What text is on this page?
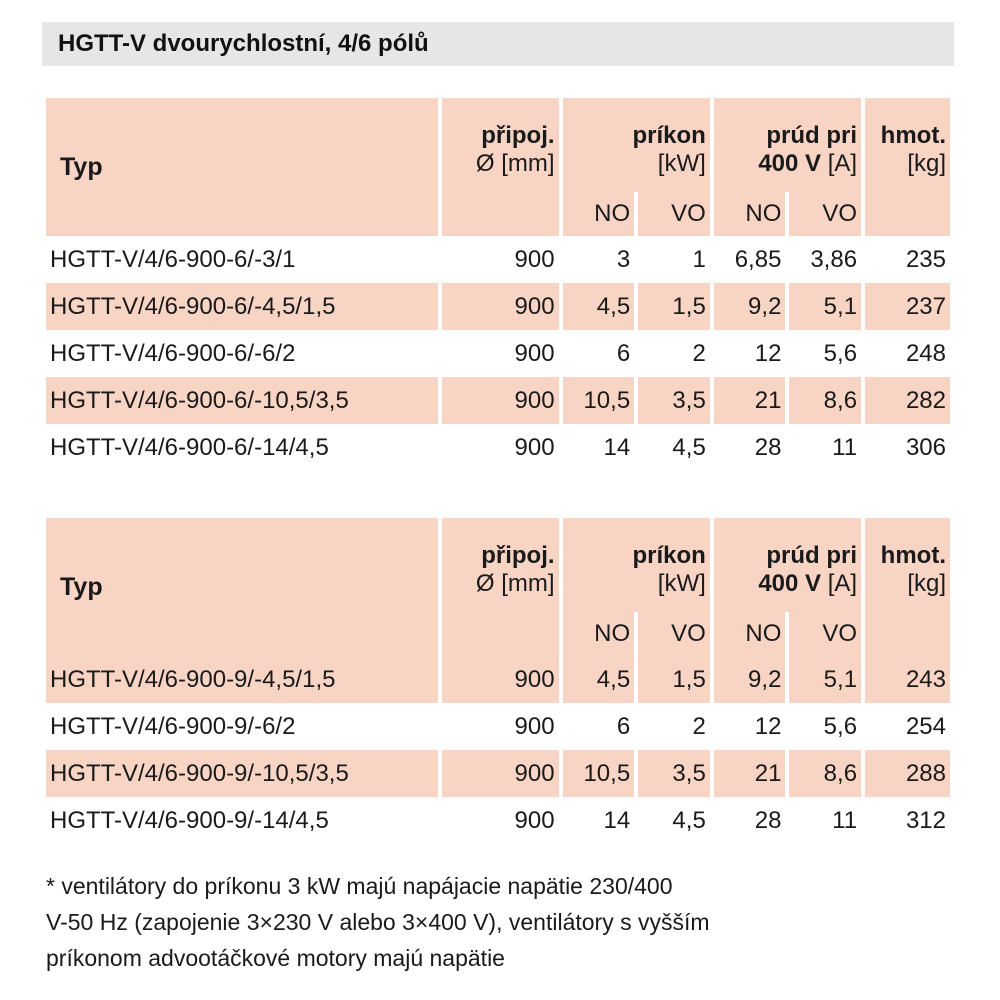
HGTT-V dvourychlostní, 4/6 pólů
Typ	připoj.	príkon		prúd pri		hmot.
	Ø [mm]	[kW]		400 V [A]		[kg]
		NO	VO	NO	VO	
HGTT-V/4/6-900-6/-3/1	900	3	1	6,85	3,86	235
HGTT-V/4/6-900-6/-4,5/1,5	900	4,5	1,5	9,2	5,1	237
HGTT-V/4/6-900-6/-6/2	900	6	2	12	5,6	248
HGTT-V/4/6-900-6/-10,5/3,5	900	10,5	3,5	21	8,6	282
HGTT-V/4/6-900-6/-14/4,5	900	14	4,5	28	11	306
Typ	připoj.	príkon		prúd pri		hmot.
	Ø [mm]	[kW]		400 V [A]		[kg]
		NO	VO	NO	VO	
HGTT-V/4/6-900-9/-4,5/1,5	900	4,5	1,5	9,2	5,1	243
HGTT-V/4/6-900-9/-6/2	900	6	2	12	5,6	254
HGTT-V/4/6-900-9/-10,5/3,5	900	10,5	3,5	21	8,6	288
HGTT-V/4/6-900-9/-14/4,5	900	14	4,5	28	11	312
* ventilátory do príkonu 3 kW majú napájacie napätie 230/400
V-50 Hz (zapojenie 3×230 V alebo 3×400 V), ventilátory s vyšším
príkonom advootáčkové motory majú napätie
